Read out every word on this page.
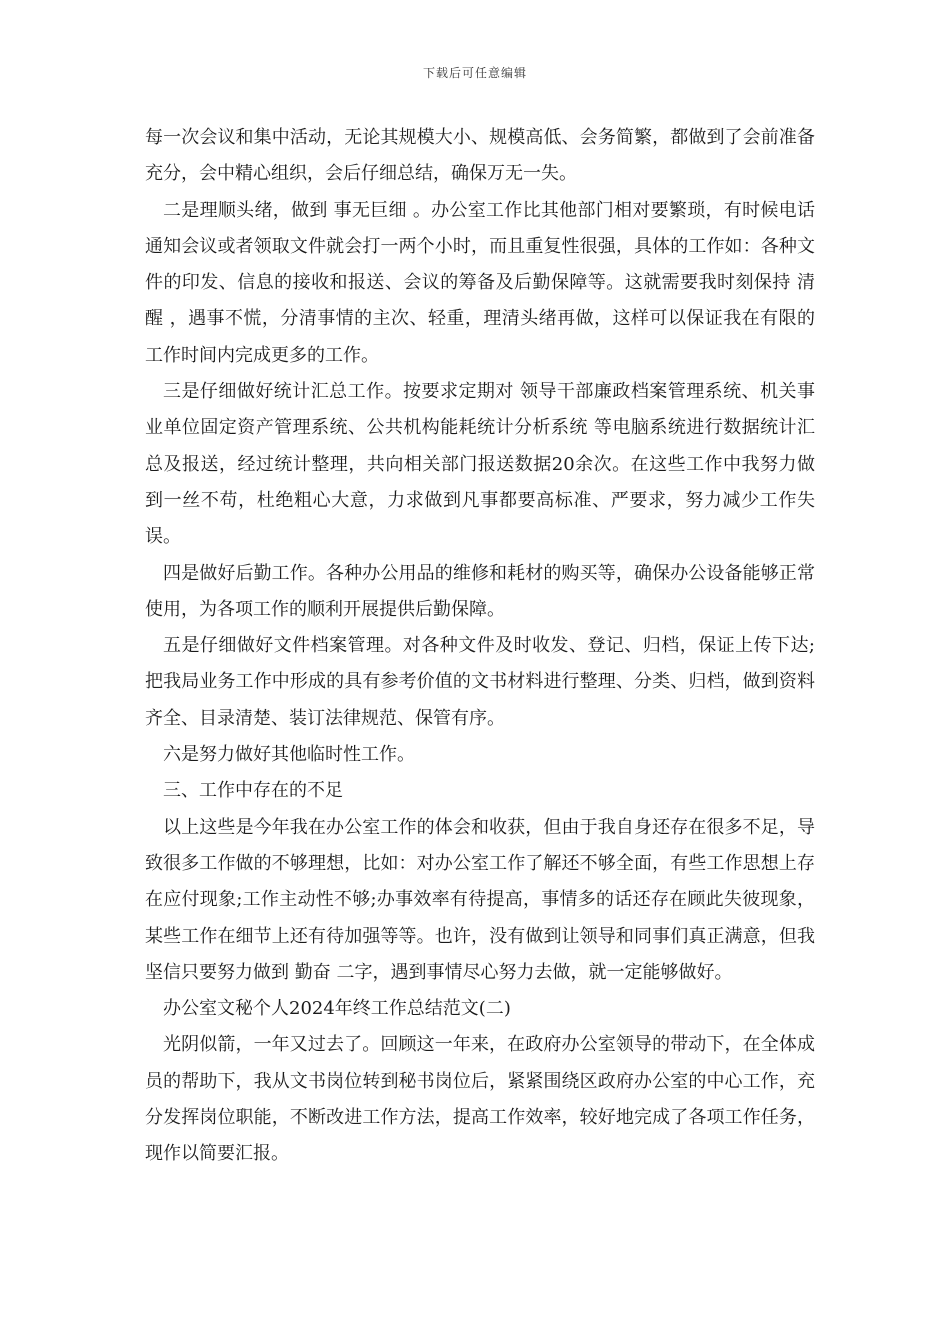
下载后可任意编辑

每一次会议和集中活动，无论其规模大小、规模高低、会务简繁，都做到了会前准备充分，会中精心组织，会后仔细总结，确保万无一失。

二是理顺头绪，做到 事无巨细 。办公室工作比其他部门相对要繁琐，有时候电话通知会议或者领取文件就会打一两个小时，而且重复性很强，具体的工作如：各种文件的印发、信息的接收和报送、会议的筹备及后勤保障等。这就需要我时刻保持 清醒 ，遇事不慌，分清事情的主次、轻重，理清头绪再做，这样可以保证我在有限的工作时间内完成更多的工作。

三是仔细做好统计汇总工作。按要求定期对 领导干部廉政档案管理系统、机关事业单位固定资产管理系统、公共机构能耗统计分析系统 等电脑系统进行数据统计汇总及报送，经过统计整理，共向相关部门报送数据20余次。在这些工作中我努力做到一丝不苟，杜绝粗心大意，力求做到凡事都要高标准、严要求，努力减少工作失误。

四是做好后勤工作。各种办公用品的维修和耗材的购买等，确保办公设备能够正常使用，为各项工作的顺利开展提供后勤保障。

五是仔细做好文件档案管理。对各种文件及时收发、登记、归档，保证上传下达;把我局业务工作中形成的具有参考价值的文书材料进行整理、分类、归档，做到资料齐全、目录清楚、装订法律规范、保管有序。

六是努力做好其他临时性工作。

三、工作中存在的不足

以上这些是今年我在办公室工作的体会和收获，但由于我自身还存在很多不足，导致很多工作做的不够理想，比如：对办公室工作了解还不够全面，有些工作思想上存在应付现象;工作主动性不够;办事效率有待提高，事情多的话还存在顾此失彼现象，某些工作在细节上还有待加强等等。也许，没有做到让领导和同事们真正满意，但我坚信只要努力做到 勤奋 二字，遇到事情尽心努力去做，就一定能够做好。

办公室文秘个人2024年终工作总结范文(二)

光阴似箭，一年又过去了。回顾这一年来，在政府办公室领导的带动下，在全体成员的帮助下，我从文书岗位转到秘书岗位后，紧紧围绕区政府办公室的中心工作，充分发挥岗位职能，不断改进工作方法，提高工作效率，较好地完成了各项工作任务，现作以简要汇报。
